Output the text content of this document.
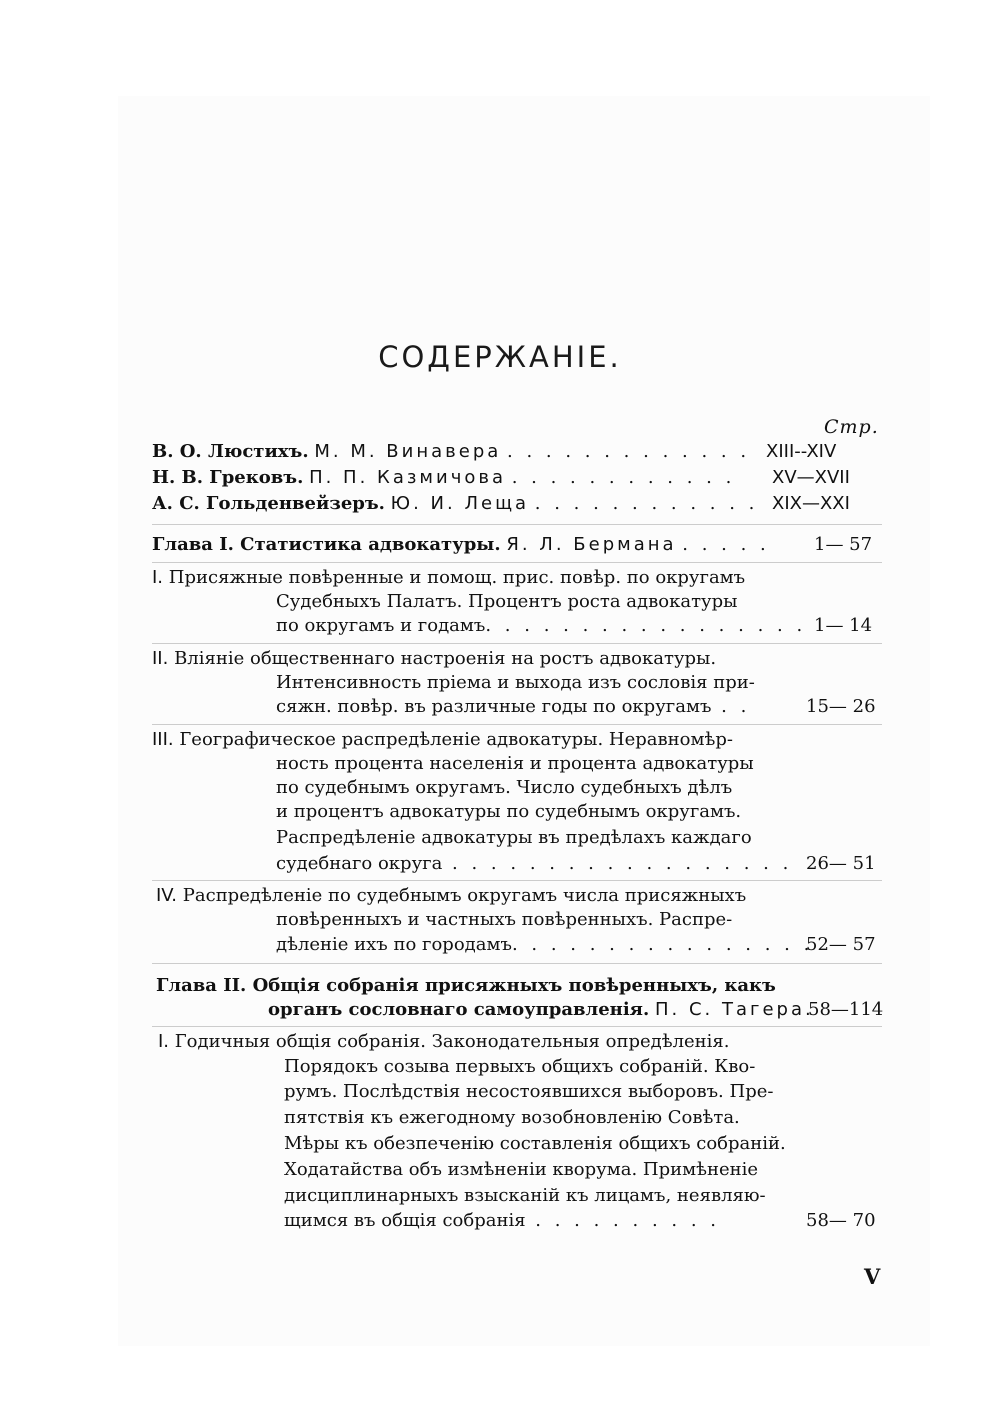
СОДЕРЖАНІЕ.
Стр.
В. О. Люстихъ. М. М. Винавера . . . . . . . . . . . . . XIII--XIV
Н. В. Грековъ. П. П. Казмичова . . . . . . . . . . . . XV—XVII
А. С. Гольденвейзеръ. Ю. И. Леща . . . . . . . . . . . . XIX—XXI
Глава I. Статистика адвокатуры. Я. Л. Бермана . . . . . 1— 57
I. Присяжные повѣренные и помощ. прис. повѣр. по округамъ
Судебныхъ Палатъ. Процентъ роста адвокатуры
по округамъ и годамъ. . . . . . . . . . . . . . . . . 1— 14
II. Вліяніе общественнаго настроенія на ростъ адвокатуры.
Интенсивность пріема и выхода изъ сословія при-
сяжн. повѣр. въ различные годы по округамъ . .	15— 26
III. Географическое распредѣленіе адвокатуры. Неравномѣр-
ность процента населенія и процента адвокатуры
по судебнымъ округамъ. Число судебныхъ дѣлъ
и процентъ адвокатуры по судебнымъ округамъ.
Распредѣленіе адвокатуры въ предѣлахъ каждаго
судебнаго округа . . . . . . . . . . . . . . . . . . 26— 51
IV. Распредѣленіе по судебнымъ округамъ числа присяжныхъ
повѣренныхъ и частныхъ повѣренныхъ. Распре-
дѣленіе ихъ по городамъ. . . . . . . . . . . . . . . .
52— 57
Глава II. Общія собранія присяжныхъ повѣренныхъ, какъ
органъ сословнаго самоуправленія. П. С. Тагера.
58—114
I. Годичныя общія собранія. Законодательныя опредѣленія.
Порядокъ созыва первыхъ общихъ собраній. Кво-
румъ. Послѣдствія несостоявшихся выборовъ. Пре-
пятствія къ ежегодному возобновленію Совѣта.
Мѣры къ обезпеченію составленія общихъ собраній.
Ходатайства объ измѣненіи кворума. Примѣненіе
дисциплинарныхъ взысканій къ лицамъ, неявляю-
щимся въ общія собранія . . . . . . . . . .	58— 70
V
